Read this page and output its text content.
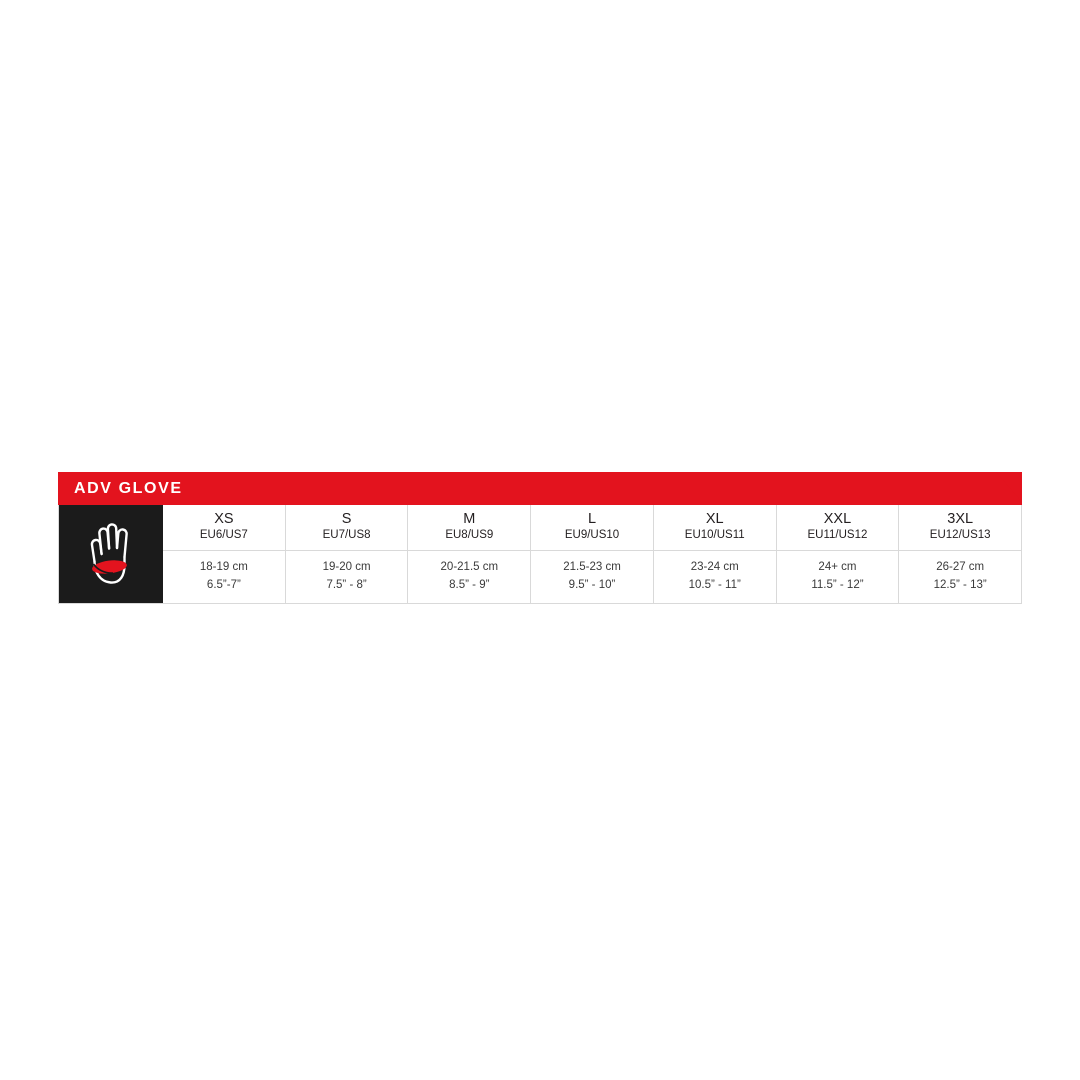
ADV GLOVE
XS
EU6/US7
S
EU7/US8
M
EU8/US9
L
EU9/US10
XL
EU10/US11
XXL
EU11/US12
3XL
EU12/US13
18-19 cm
6.5”-7”
19-20 cm
7.5” - 8”
20-21.5 cm
8.5” - 9”
21.5-23 cm
9.5” - 10”
23-24 cm
10.5” - 11”
24+ cm
11.5” - 12”
26-27 cm
12.5” - 13”
